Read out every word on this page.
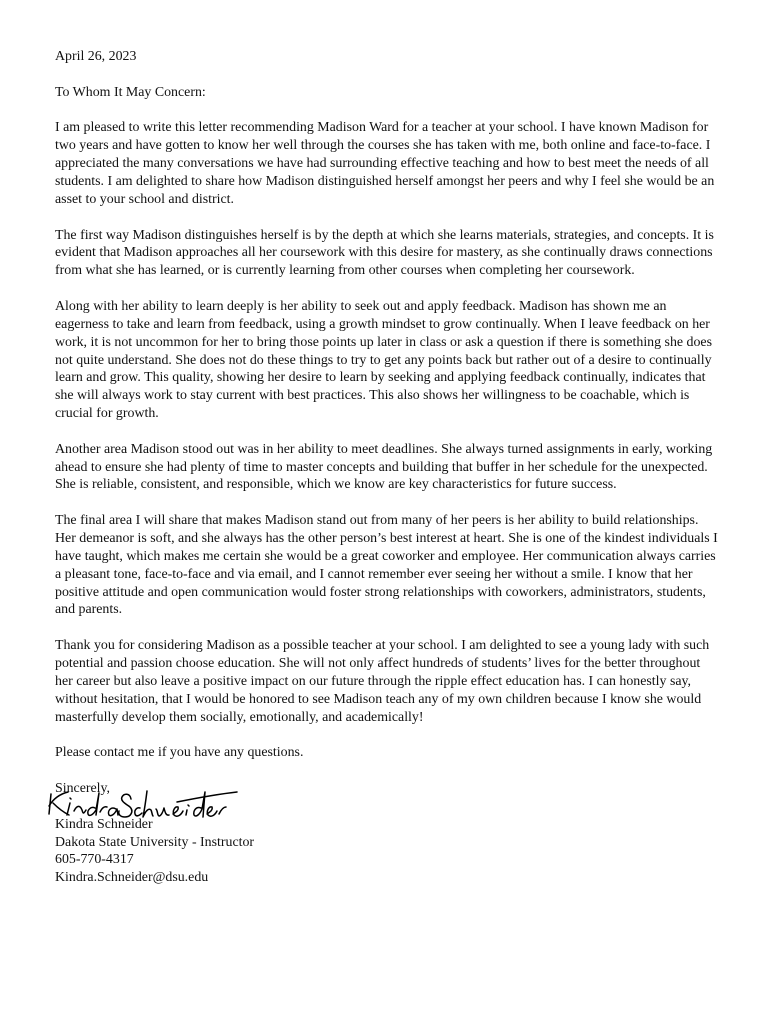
April 26, 2023
To Whom It May Concern:

I am pleased to write this letter recommending Madison Ward for a teacher at your school. I have known Madison for two years and have gotten to know her well through the courses she has taken with me, both online and face-to-face. I appreciated the many conversations we have had surrounding effective teaching and how to best meet the needs of all students. I am delighted to share how Madison distinguished herself amongst her peers and why I feel she would be an asset to your school and district.

The first way Madison distinguishes herself is by the depth at which she learns materials, strategies, and concepts. It is evident that Madison approaches all her coursework with this desire for mastery, as she continually draws connections from what she has learned, or is currently learning from other courses when completing her coursework.

Along with her ability to learn deeply is her ability to seek out and apply feedback. Madison has shown me an eagerness to take and learn from feedback, using a growth mindset to grow continually. When I leave feedback on her work, it is not uncommon for her to bring those points up later in class or ask a question if there is something she does not quite understand. She does not do these things to try to get any points back but rather out of a desire to continually learn and grow. This quality, showing her desire to learn by seeking and applying feedback continually, indicates that she will always work to stay current with best practices. This also shows her willingness to be coachable, which is crucial for growth.

Another area Madison stood out was in her ability to meet deadlines. She always turned assignments in early, working ahead to ensure she had plenty of time to master concepts and building that buffer in her schedule for the unexpected. She is reliable, consistent, and responsible, which we know are key characteristics for future success.

The final area I will share that makes Madison stand out from many of her peers is her ability to build relationships. Her demeanor is soft, and she always has the other person’s best interest at heart. She is one of the kindest individuals I have taught, which makes me certain she would be a great coworker and employee. Her communication always carries a pleasant tone, face-to-face and via email, and I cannot remember ever seeing her without a smile. I know that her positive attitude and open communication would foster strong relationships with coworkers, administrators, students, and parents.

Thank you for considering Madison as a possible teacher at your school. I am delighted to see a young lady with such potential and passion choose education. She will not only affect hundreds of students’ lives for the better throughout her career but also leave a positive impact on our future through the ripple effect education has. I can honestly say, without hesitation, that I would be honored to see Madison teach any of my own children because I know she would masterfully develop them socially, emotionally, and academically!

Please contact me if you have any questions.

Sincerely,
Kindra Schneider
Dakota State University - Instructor
605-770-4317
Kindra.Schneider@dsu.edu
